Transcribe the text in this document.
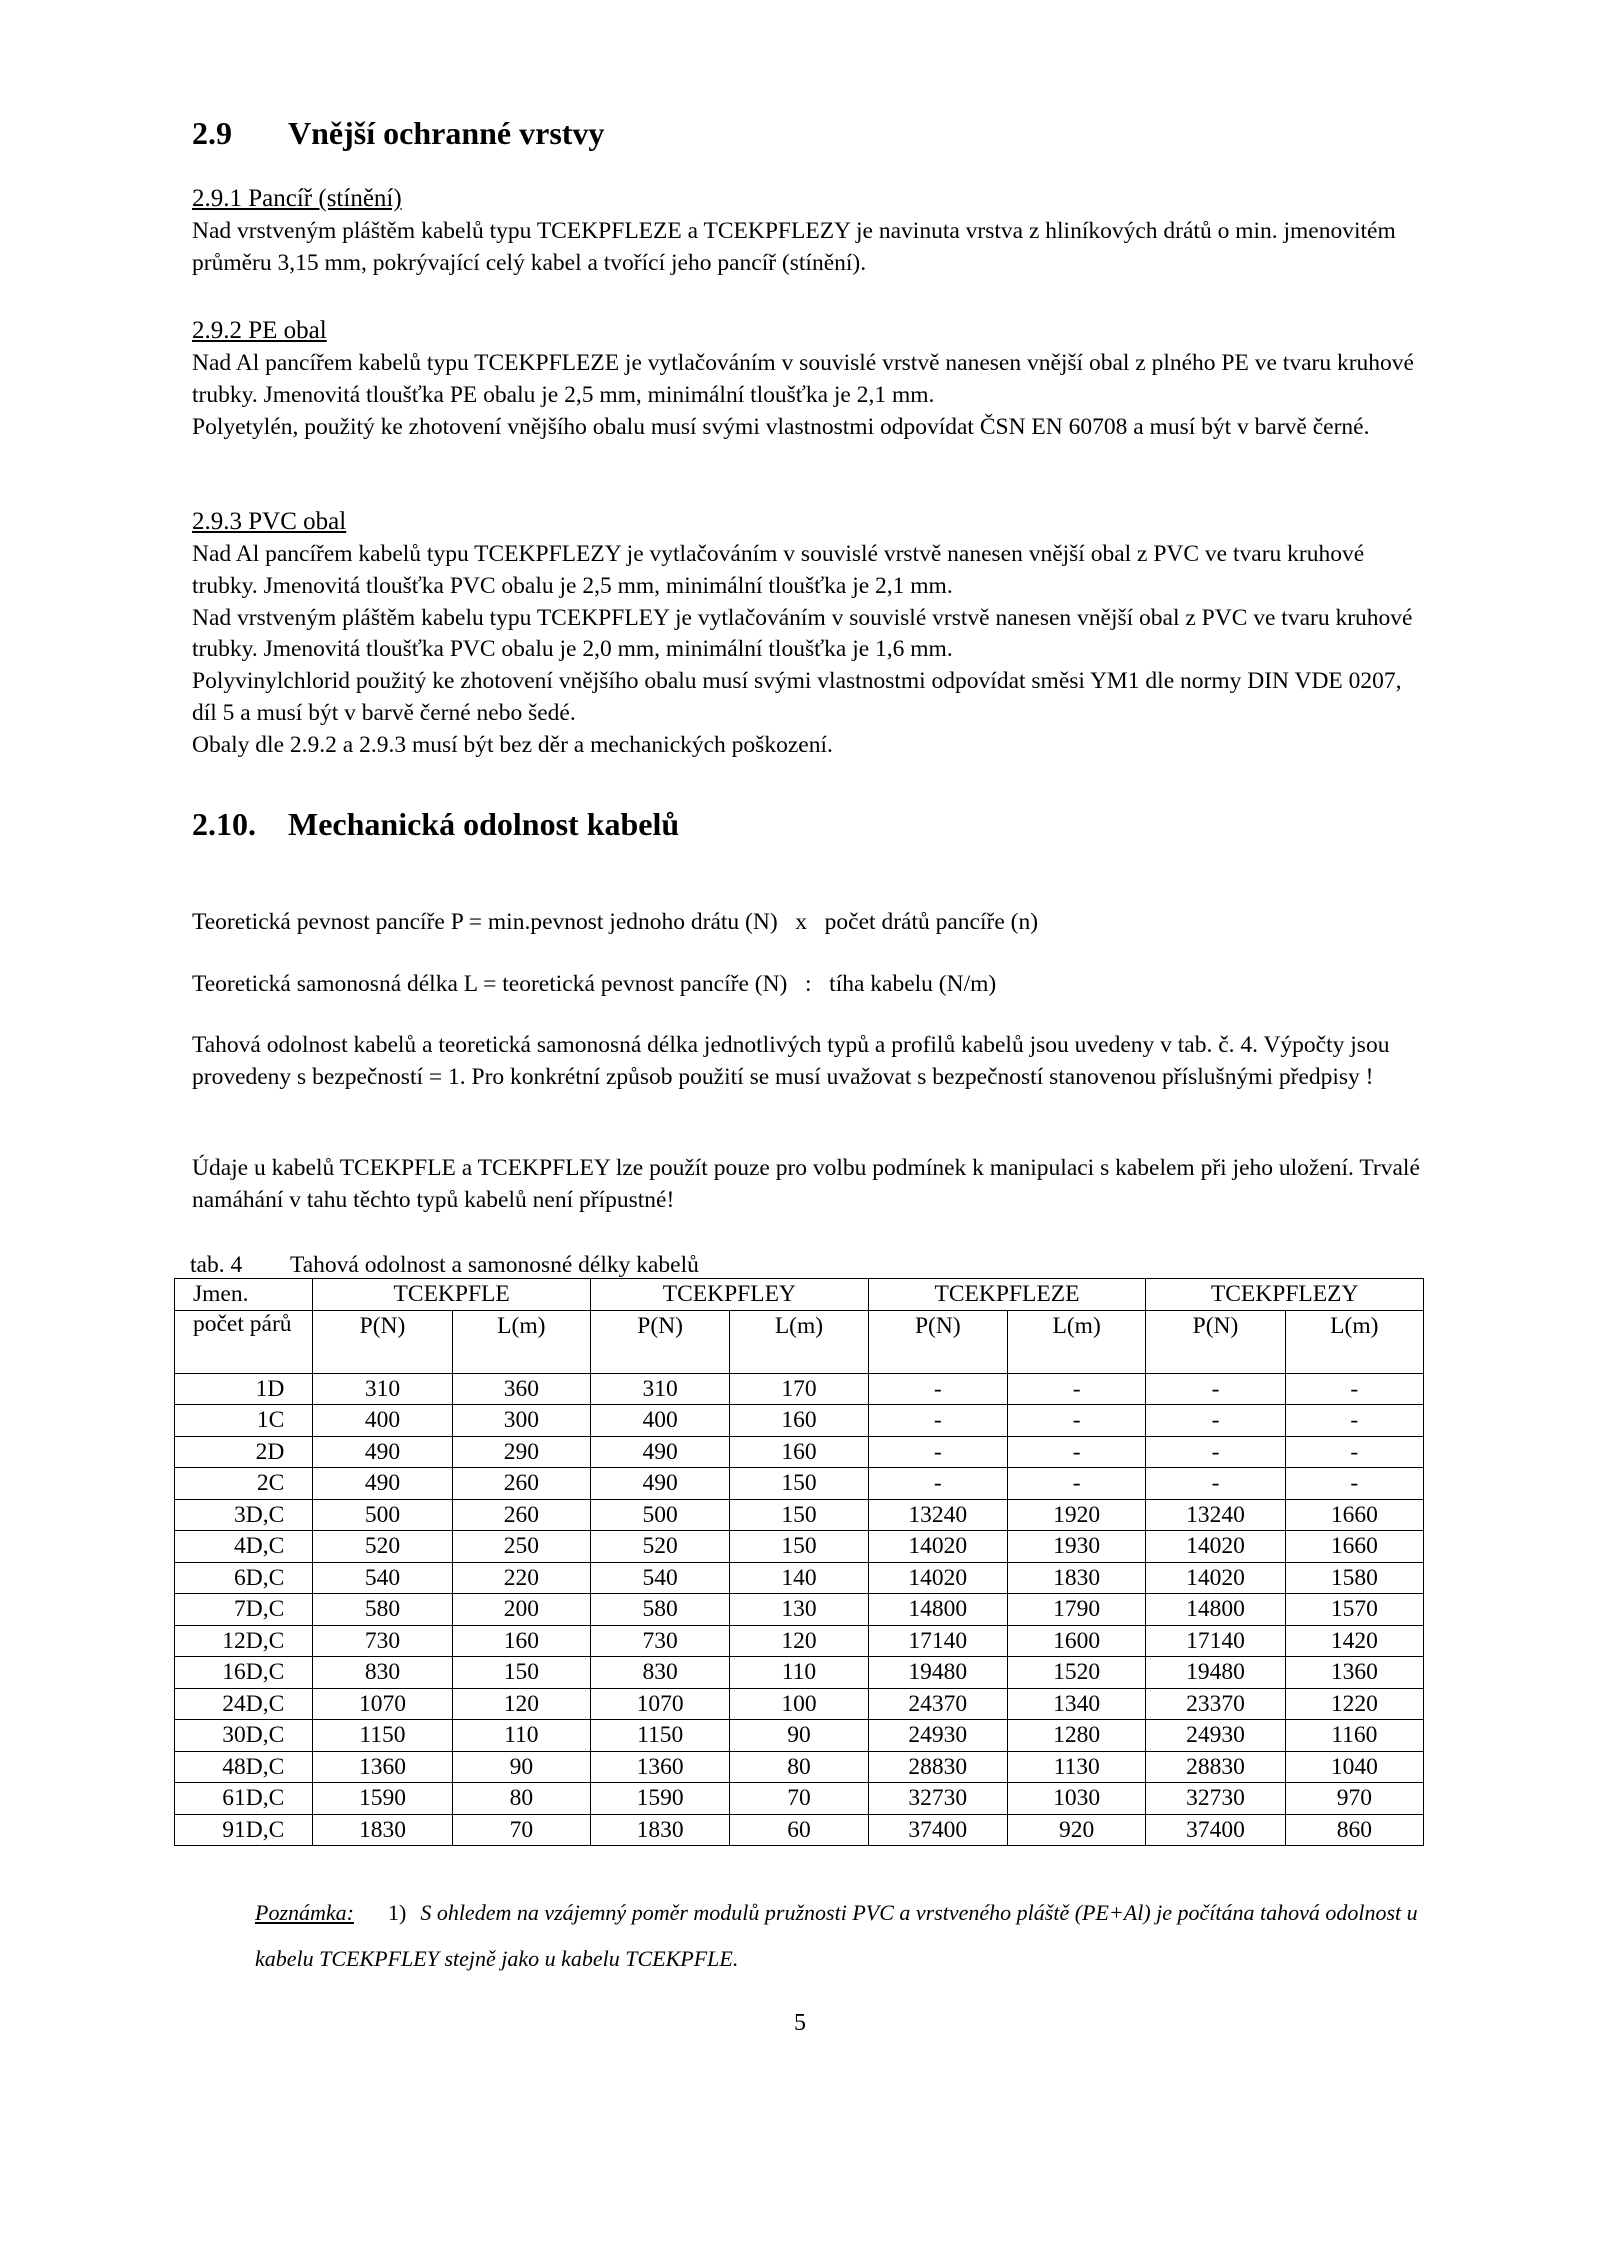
2.9 Vnější ochranné vrstvy
2.9.1 Pancíř (stínění)

Nad vrstveným pláštěm kabelů typu TCEKPFLEZE a TCEKPFLEZY je navinuta vrstva z hliníkových drátů o min. jmenovitém průměru 3,15 mm, pokrývající celý kabel a tvořící jeho pancíř (stínění).

2.9.2 PE obal

Nad Al pancířem kabelů typu TCEKPFLEZE je vytlačováním v souvislé vrstvě nanesen vnější obal z plného PE ve tvaru kruhové trubky. Jmenovitá tloušťka PE obalu je 2,5 mm, minimální tloušťka je 2,1 mm.

Polyetylén, použitý ke zhotovení vnějšího obalu musí svými vlastnostmi odpovídat ČSN EN 60708 a musí být v barvě černé.

2.9.3 PVC obal

Nad Al pancířem kabelů typu TCEKPFLEZY je vytlačováním v souvislé vrstvě nanesen vnější obal z PVC ve tvaru kruhové trubky. Jmenovitá tloušťka PVC obalu je 2,5 mm, minimální tloušťka je 2,1 mm.

Nad vrstveným pláštěm kabelu typu TCEKPFLEY je vytlačováním v souvislé vrstvě nanesen vnější obal z PVC ve tvaru kruhové trubky. Jmenovitá tloušťka PVC obalu je 2,0 mm, minimální tloušťka je 1,6 mm.

Polyvinylchlorid použitý ke zhotovení vnějšího obalu musí svými vlastnostmi odpovídat směsi YM1 dle normy DIN VDE 0207, díl 5 a musí být v barvě černé nebo šedé.

Obaly dle 2.9.2 a 2.9.3 musí být bez děr a mechanických poškození.

2.10. Mechanická odolnost kabelů
Teoretická pevnost pancíře P = min.pevnost jednoho drátu (N)   x   počet drátů pancíře (n)
Teoretická samonosná délka L = teoretická pevnost pancíře (N)   :   tíha kabelu (N/m)
Tahová odolnost kabelů a teoretická samonosná délka jednotlivých typů a profilů kabelů jsou uvedeny v tab. č. 4. Výpočty jsou provedeny s bezpečností = 1. Pro konkrétní způsob použití se musí uvažovat s bezpečností stanovenou příslušnými předpisy !
Údaje u kabelů TCEKPFLE a TCEKPFLEY lze použít pouze pro volbu podmínek k manipulaci s kabelem při jeho uložení. Trvalé namáhání v tahu těchto typů kabelů není přípustné!
tab. 4 Tahová odolnost a samonosné délky kabelů
Jmen.	TCEKPFLE		TCEKPFLEY		TCEKPFLEZE		TCEKPFLEZY	
počet párů	P(N)	L(m)	P(N)	L(m)	P(N)	L(m)	P(N)	L(m)
1D	310	360	310	170	-	-	-	-
1C	400	300	400	160	-	-	-	-
2D	490	290	490	160	-	-	-	-
2C	490	260	490	150	-	-	-	-
3D,C	500	260	500	150	13240	1920	13240	1660
4D,C	520	250	520	150	14020	1930	14020	1660
6D,C	540	220	540	140	14020	1830	14020	1580
7D,C	580	200	580	130	14800	1790	14800	1570
12D,C	730	160	730	120	17140	1600	17140	1420
16D,C	830	150	830	110	19480	1520	19480	1360
24D,C	1070	120	1070	100	24370	1340	23370	1220
30D,C	1150	110	1150	90	24930	1280	24930	1160
48D,C	1360	90	1360	80	28830	1130	28830	1040
61D,C	1590	80	1590	70	32730	1030	32730	970
91D,C	1830	70	1830	60	37400	920	37400	860
Poznámka: 1) S ohledem na vzájemný poměr modulů pružnosti PVC a vrstveného pláště (PE+Al) je počítána tahová odolnost u kabelu TCEKPFLEY stejně jako u kabelu TCEKPFLE.
5
